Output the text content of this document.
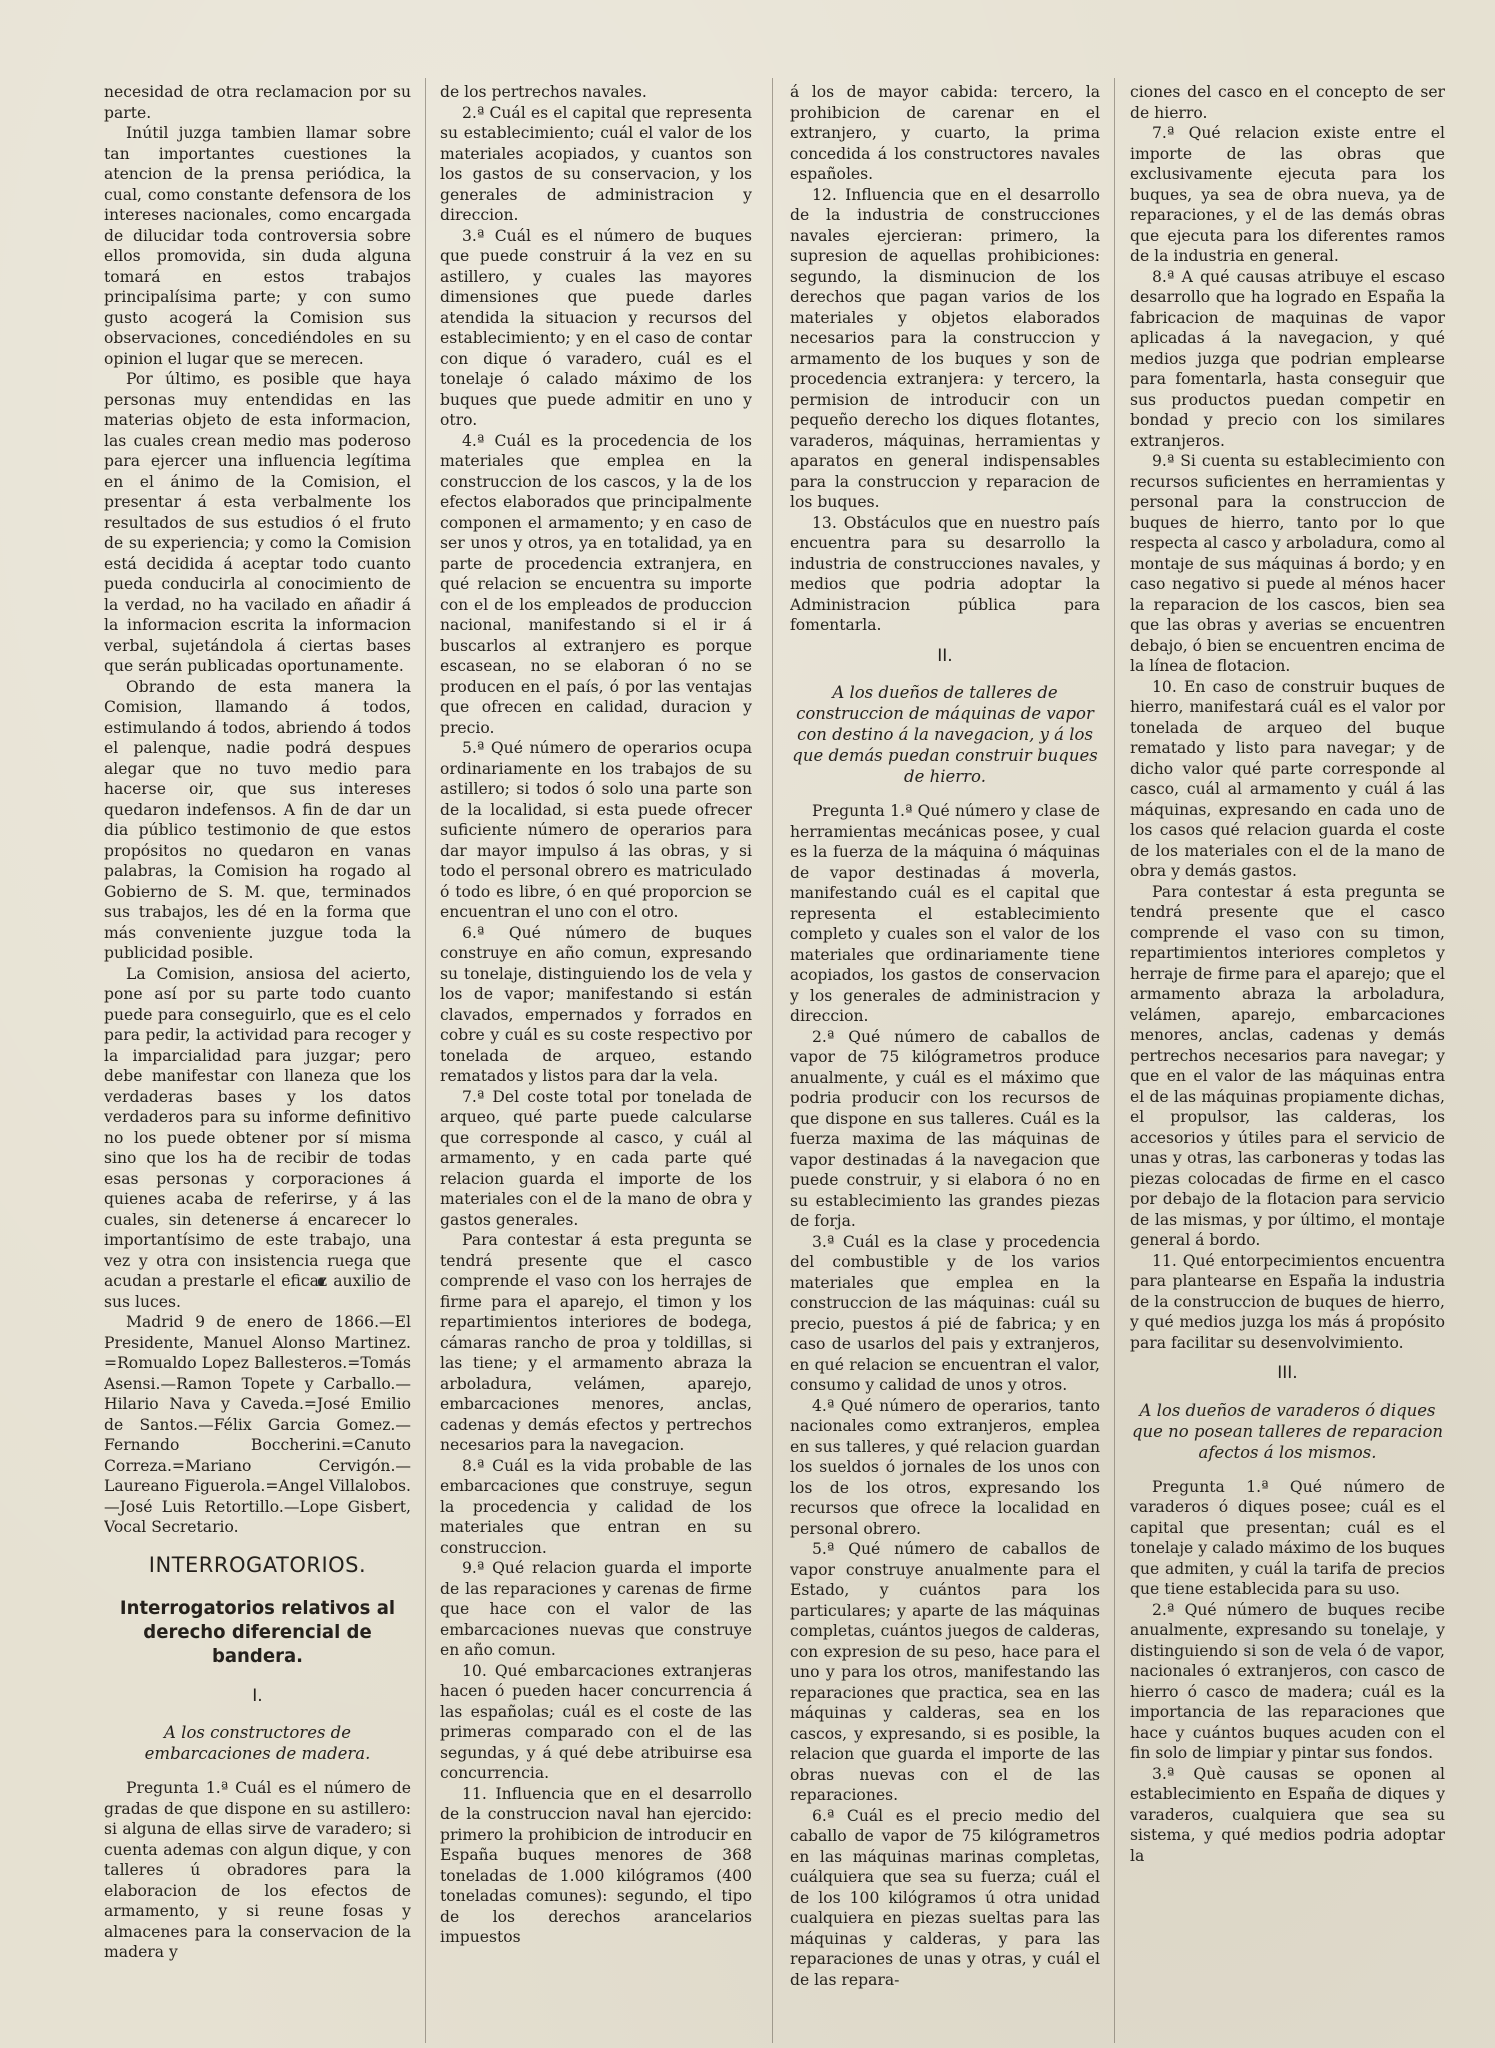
necesidad de otra reclamacion por su parte.

Inútil juzga tambien llamar sobre tan importantes cuestiones la atencion de la prensa periódica, la cual, como constante defensora de los intereses nacionales, como encargada de dilucidar toda controversia sobre ellos promovida, sin duda alguna tomará en estos trabajos principalísima parte; y con sumo gusto acogerá la Comision sus observaciones, concediéndoles en su opinion el lugar que se merecen.

Por último, es posible que haya personas muy entendidas en las materias objeto de esta informacion, las cuales crean medio mas poderoso para ejercer una influencia legítima en el ánimo de la Comision, el presentar á esta verbalmente los resultados de sus estudios ó el fruto de su experiencia; y como la Comision está decidida á aceptar todo cuanto pueda conducirla al conocimiento de la verdad, no ha vacilado en añadir á la informacion escrita la informacion verbal, sujetándola á ciertas bases que serán publicadas oportunamente.

Obrando de esta manera la Comision, llamando á todos, estimulando á todos, abriendo á todos el palenque, nadie podrá despues alegar que no tuvo medio para hacerse oir, que sus intereses quedaron indefensos. A fin de dar un dia público testimonio de que estos propósitos no quedaron en vanas palabras, la Comision ha rogado al Gobierno de S. M. que, terminados sus trabajos, les dé en la forma que más conveniente juzgue toda la publicidad posible.

La Comision, ansiosa del acierto, pone así por su parte todo cuanto puede para conseguirlo, que es el celo para pedir, la actividad para recoger y la imparcialidad para juzgar; pero debe manifestar con llaneza que los verdaderas bases y los datos verdaderos para su informe definitivo no los puede obtener por sí misma sino que los ha de recibir de todas esas personas y corporaciones á quienes acaba de referirse, y á las cuales, sin detenerse á encarecer lo importantísimo de este trabajo, una vez y otra con insistencia ruega que acudan a prestarle el eficaz auxilio de sus luces.

Madrid 9 de enero de 1866.—El Presidente, Manuel Alonso Martinez. =Romualdo Lopez Ballesteros.=Tomás Asensi.—Ramon Topete y Carballo.—Hilario Nava y Caveda.=José Emilio de Santos.—Félix Garcia Gomez.—Fernando Boccherini.=Canuto Correza.=Mariano Cervigón.—Laureano Figuerola.=Angel Villalobos.—José Luis Retortillo.—Lope Gisbert, Vocal Secretario.

INTERROGATORIOS.
Interrogatorios relativos al derecho diferencial de bandera.
I.
A los constructores de embarcaciones de madera.

Pregunta 1.ª Cuál es el número de gradas de que dispone en su astillero: si alguna de ellas sirve de varadero; si cuenta ademas con algun dique, y con talleres ú obradores para la elaboracion de los efectos de armamento, y si reune fosas y almacenes para la conservacion de la madera y

de los pertrechos navales.

2.ª Cuál es el capital que representa su establecimiento; cuál el valor de los materiales acopiados, y cuantos son los gastos de su conservacion, y los generales de administracion y direccion.

3.ª Cuál es el número de buques que puede construir á la vez en su astillero, y cuales las mayores dimensiones que puede darles atendida la situacion y recursos del establecimiento; y en el caso de contar con dique ó varadero, cuál es el tonelaje ó calado máximo de los buques que puede admitir en uno y otro.

4.ª Cuál es la procedencia de los materiales que emplea en la construccion de los cascos, y la de los efectos elaborados que principalmente componen el armamento; y en caso de ser unos y otros, ya en totalidad, ya en parte de procedencia extranjera, en qué relacion se encuentra su importe con el de los empleados de produccion nacional, manifestando si el ir á buscarlos al extranjero es porque escasean, no se elaboran ó no se producen en el país, ó por las ventajas que ofrecen en calidad, duracion y precio.

5.ª Qué número de operarios ocupa ordinariamente en los trabajos de su astillero; si todos ó solo una parte son de la localidad, si esta puede ofrecer suficiente número de operarios para dar mayor impulso á las obras, y si todo el personal obrero es matriculado ó todo es libre, ó en qué proporcion se encuentran el uno con el otro.

6.ª Qué número de buques construye en año comun, expresando su tonelaje, distinguiendo los de vela y los de vapor; manifestando si están clavados, empernados y forrados en cobre y cuál es su coste respectivo por tonelada de arqueo, estando rematados y listos para dar la vela.

7.ª Del coste total por tonelada de arqueo, qué parte puede calcularse que corresponde al casco, y cuál al armamento, y en cada parte qué relacion guarda el importe de los materiales con el de la mano de obra y gastos generales.

Para contestar á esta pregunta se tendrá presente que el casco comprende el vaso con los herrajes de firme para el aparejo, el timon y los repartimientos interiores de bodega, cámaras rancho de proa y toldillas, si las tiene; y el armamento abraza la arboladura, velámen, aparejo, embarcaciones menores, anclas, cadenas y demás efectos y pertrechos necesarios para la navegacion.

8.ª Cuál es la vida probable de las embarcaciones que construye, segun la procedencia y calidad de los materiales que entran en su construccion.

9.ª Qué relacion guarda el importe de las reparaciones y carenas de firme que hace con el valor de las embarcaciones nuevas que construye en año comun.

10. Qué embarcaciones extranjeras hacen ó pueden hacer concurrencia á las españolas; cuál es el coste de las primeras comparado con el de las segundas, y á qué debe atribuirse esa concurrencia.

11. Influencia que en el desarrollo de la construccion naval han ejercido: primero la prohibicion de introducir en España buques menores de 368 toneladas de 1.000 kilógramos (400 toneladas comunes): segundo, el tipo de los derechos arancelarios impuestos

á los de mayor cabida: tercero, la prohibicion de carenar en el extranjero, y cuarto, la prima concedida á los constructores navales españoles.

12. Influencia que en el desarrollo de la industria de construcciones navales ejercieran: primero, la supresion de aquellas prohibiciones: segundo, la disminucion de los derechos que pagan varios de los materiales y objetos elaborados necesarios para la construccion y armamento de los buques y son de procedencia extranjera: y tercero, la permision de introducir con un pequeño derecho los diques flotantes, varaderos, máquinas, herramientas y aparatos en general indispensables para la construccion y reparacion de los buques.

13. Obstáculos que en nuestro país encuentra para su desarrollo la industria de construcciones navales, y medios que podria adoptar la Administracion pública para fomentarla.

II.
A los dueños de talleres de construccion de máquinas de vapor con destino á la navegacion, y á los que demás puedan construir buques de hierro.

Pregunta 1.ª Qué número y clase de herramientas mecánicas posee, y cual es la fuerza de la máquina ó máquinas de vapor destinadas á moverla, manifestando cuál es el capital que representa el establecimiento completo y cuales son el valor de los materiales que ordinariamente tiene acopiados, los gastos de conservacion y los generales de administracion y direccion.

2.ª Qué número de caballos de vapor de 75 kilógrametros produce anualmente, y cuál es el máximo que podria producir con los recursos de que dispone en sus talleres. Cuál es la fuerza maxima de las máquinas de vapor destinadas á la navegacion que puede construir, y si elabora ó no en su establecimiento las grandes piezas de forja.

3.ª Cuál es la clase y procedencia del combustible y de los varios materiales que emplea en la construccion de las máquinas: cuál su precio, puestos á pié de fabrica; y en caso de usarlos del pais y extranjeros, en qué relacion se encuentran el valor, consumo y calidad de unos y otros.

4.ª Qué número de operarios, tanto nacionales como extranjeros, emplea en sus talleres, y qué relacion guardan los sueldos ó jornales de los unos con los de los otros, expresando los recursos que ofrece la localidad en personal obrero.

5.ª Qué número de caballos de vapor construye anualmente para el Estado, y cuántos para los particulares; y aparte de las máquinas completas, cuántos juegos de calderas, con expresion de su peso, hace para el uno y para los otros, manifestando las reparaciones que practica, sea en las máquinas y calderas, sea en los cascos, y expresando, si es posible, la relacion que guarda el importe de las obras nuevas con el de las reparaciones.

6.ª Cuál es el precio medio del caballo de vapor de 75 kilógrametros en las máquinas marinas completas, cuálquiera que sea su fuerza; cuál el de los 100 kilógramos ú otra unidad cualquiera en piezas sueltas para las máquinas y calderas, y para las reparaciones de unas y otras, y cuál el de las repara-

ciones del casco en el concepto de ser de hierro.

7.ª Qué relacion existe entre el importe de las obras que exclusivamente ejecuta para los buques, ya sea de obra nueva, ya de reparaciones, y el de las demás obras que ejecuta para los diferentes ramos de la industria en general.

8.ª A qué causas atribuye el escaso desarrollo que ha logrado en España la fabricacion de maquinas de vapor aplicadas á la navegacion, y qué medios juzga que podrian emplearse para fomentarla, hasta conseguir que sus productos puedan competir en bondad y precio con los similares extranjeros.

9.ª Si cuenta su establecimiento con recursos suficientes en herramientas y personal para la construccion de buques de hierro, tanto por lo que respecta al casco y arboladura, como al montaje de sus máquinas á bordo; y en caso negativo si puede al ménos hacer la reparacion de los cascos, bien sea que las obras y averias se encuentren debajo, ó bien se encuentren encima de la línea de flotacion.

10. En caso de construir buques de hierro, manifestará cuál es el valor por tonelada de arqueo del buque rematado y listo para navegar; y de dicho valor qué parte corresponde al casco, cuál al armamento y cuál á las máquinas, expresando en cada uno de los casos qué relacion guarda el coste de los materiales con el de la mano de obra y demás gastos.

Para contestar á esta pregunta se tendrá presente que el casco comprende el vaso con su timon, repartimientos interiores completos y herraje de firme para el aparejo; que el armamento abraza la arboladura, velámen, aparejo, embarcaciones menores, anclas, cadenas y demás pertrechos necesarios para navegar; y que en el valor de las máquinas entra el de las máquinas propiamente dichas, el propulsor, las calderas, los accesorios y útiles para el servicio de unas y otras, las carboneras y todas las piezas colocadas de firme en el casco por debajo de la flotacion para servicio de las mismas, y por último, el montaje general á bordo.

11. Qué entorpecimientos encuentra para plantearse en España la industria de la construccion de buques de hierro, y qué medios juzga los más á propósito para facilitar su desenvolvimiento.

III.
A los dueños de varaderos ó diques que no posean talleres de reparacion afectos á los mismos.

Pregunta 1.ª Qué número de varaderos ó diques posee; cuál es el capital que presentan; cuál es el tonelaje y calado máximo de los buques que admiten, y cuál la tarifa de precios que tiene establecida para su uso.

2.ª Qué número de buques recibe anualmente, expresando su tonelaje, y distinguiendo si son de vela ó de vapor, nacionales ó extranjeros, con casco de hierro ó casco de madera; cuál es la importancia de las reparaciones que hace y cuántos buques acuden con el fin solo de limpiar y pintar sus fondos.

3.ª Què causas se oponen al establecimiento en España de diques y varaderos, cualquiera que sea su sistema, y qué medios podria adoptar la
